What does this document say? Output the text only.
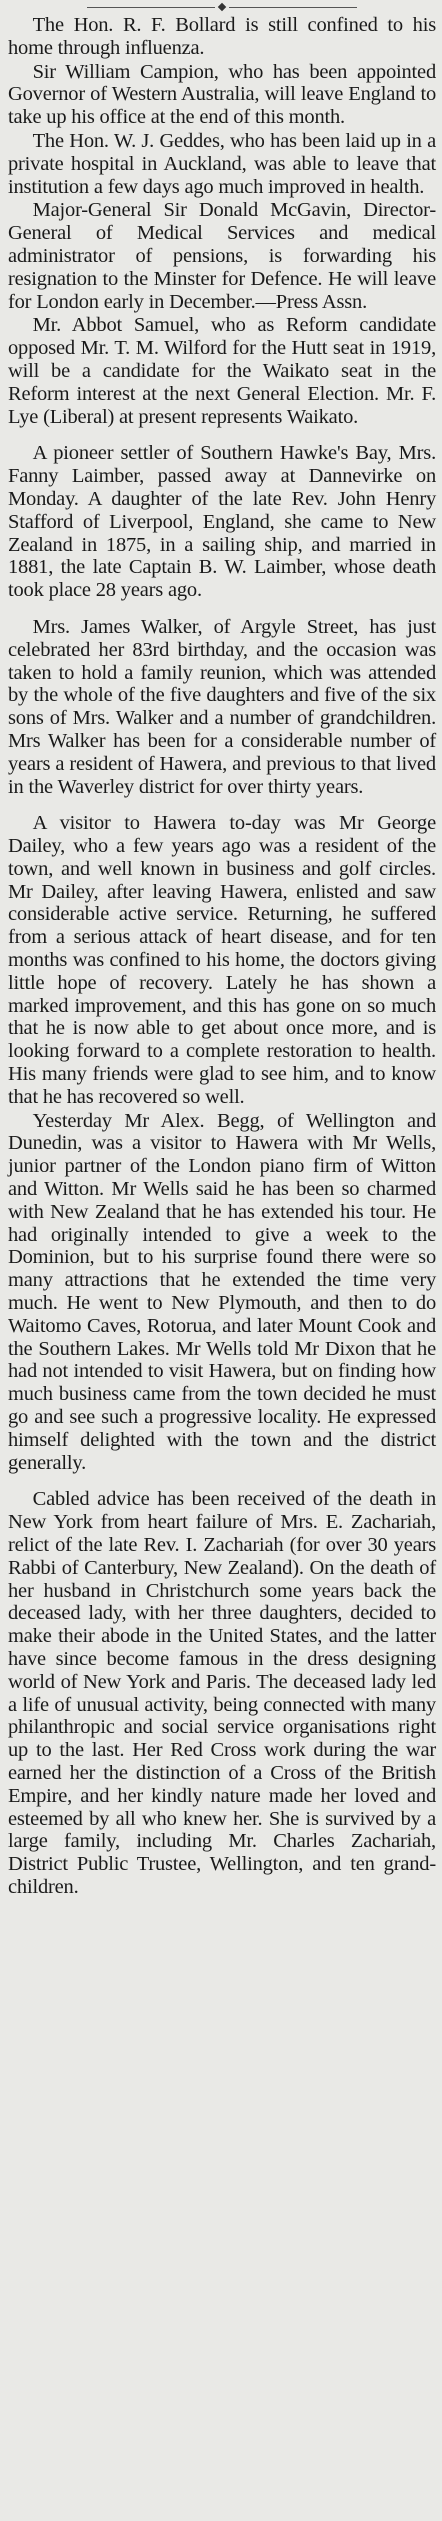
The Hon. R. F. Bollard is still confined to his home through influenza.

Sir William Campion, who has been appointed Governor of Western Australia, will leave England to take up his office at the end of this month.

The Hon. W. J. Geddes, who has been laid up in a private hospital in Auckland, was able to leave that institution a few days ago much improved in health.

Major-General Sir Donald McGavin, Director-General of Medical Services and medical administrator of pensions, is forwarding his resignation to the Minster for Defence. He will leave for London early in December.—Press Assn.

Mr. Abbot Samuel, who as Reform candidate opposed Mr. T. M. Wilford for the Hutt seat in 1919, will be a candidate for the Waikato seat in the Reform interest at the next General Election. Mr. F. Lye (Liberal) at present represents Waikato.

A pioneer settler of Southern Hawke's Bay, Mrs. Fanny Laimber, passed away at Dannevirke on Monday. A daughter of the late Rev. John Henry Stafford of Liverpool, England, she came to New Zealand in 1875, in a sailing ship, and married in 1881, the late Captain B. W. Laimber, whose death took place 28 years ago.

Mrs. James Walker, of Argyle Street, has just celebrated her 83rd birthday, and the occasion was taken to hold a family reunion, which was attended by the whole of the five daughters and five of the six sons of Mrs. Walker and a number of grandchildren. Mrs Walker has been for a considerable number of years a resident of Hawera, and previous to that lived in the Waverley district for over thirty years.

A visitor to Hawera to-day was Mr George Dailey, who a few years ago was a resident of the town, and well known in business and golf circles. Mr Dailey, after leaving Hawera, enlisted and saw considerable active service. Returning, he suffered from a serious attack of heart disease, and for ten months was confined to his home, the doctors giving little hope of recovery. Lately he has shown a marked improvement, and this has gone on so much that he is now able to get about once more, and is looking forward to a complete restoration to health. His many friends were glad to see him, and to know that he has recovered so well.

Yesterday Mr Alex. Begg, of Wellington and Dunedin, was a visitor to Hawera with Mr Wells, junior partner of the London piano firm of Witton and Witton. Mr Wells said he has been so charmed with New Zealand that he has extended his tour. He had originally intended to give a week to the Dominion, but to his surprise found there were so many attractions that he extended the time very much. He went to New Plymouth, and then to do Waitomo Caves, Rotorua, and later Mount Cook and the Southern Lakes. Mr Wells told Mr Dixon that he had not intended to visit Hawera, but on finding how much business came from the town decided he must go and see such a progressive locality. He expressed himself delighted with the town and the district generally.

Cabled advice has been received of the death in New York from heart failure of Mrs. E. Zachariah, relict of the late Rev. I. Zachariah (for over 30 years Rabbi of Canterbury, New Zealand). On the death of her husband in Christchurch some years back the deceased lady, with her three daughters, decided to make their abode in the United States, and the latter have since become famous in the dress designing world of New York and Paris. The deceased lady led a life of unusual activity, being connected with many philanthropic and social service organisations right up to the last. Her Red Cross work during the war earned her the distinction of a Cross of the British Empire, and her kindly nature made her loved and esteemed by all who knew her. She is survived by a large family, including Mr. Charles Zachariah, District Public Trustee, Wellington, and ten grand-children.
